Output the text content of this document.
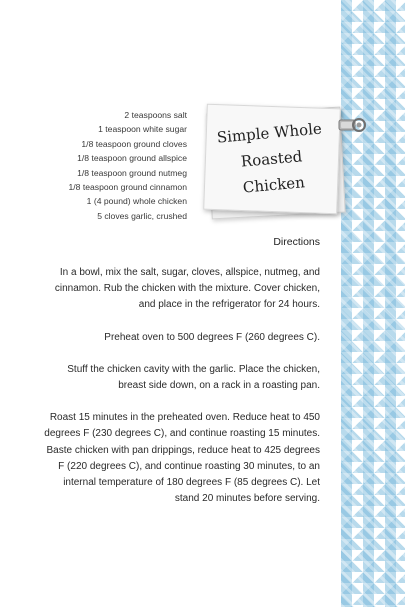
2 teaspoons salt
1 teaspoon white sugar
1/8 teaspoon ground cloves
1/8 teaspoon ground allspice
1/8 teaspoon ground nutmeg
1/8 teaspoon ground cinnamon
1 (4 pound) whole chicken
5 cloves garlic, crushed
Simple Whole
Roasted
Chicken
Directions

In a bowl, mix the salt, sugar, cloves, allspice, nutmeg, and cinnamon. Rub the chicken with the mixture. Cover chicken, and place in the refrigerator for 24 hours.

Preheat oven to 500 degrees F (260 degrees C).

Stuff the chicken cavity with the garlic. Place the chicken, breast side down, on a rack in a roasting pan.

Roast 15 minutes in the preheated oven. Reduce heat to 450 degrees F (230 degrees C), and continue roasting 15 minutes. Baste chicken with pan drippings, reduce heat to 425 degrees F (220 degrees C), and continue roasting 30 minutes, to an internal temperature of 180 degrees F (85 degrees C). Let stand 20 minutes before serving.
